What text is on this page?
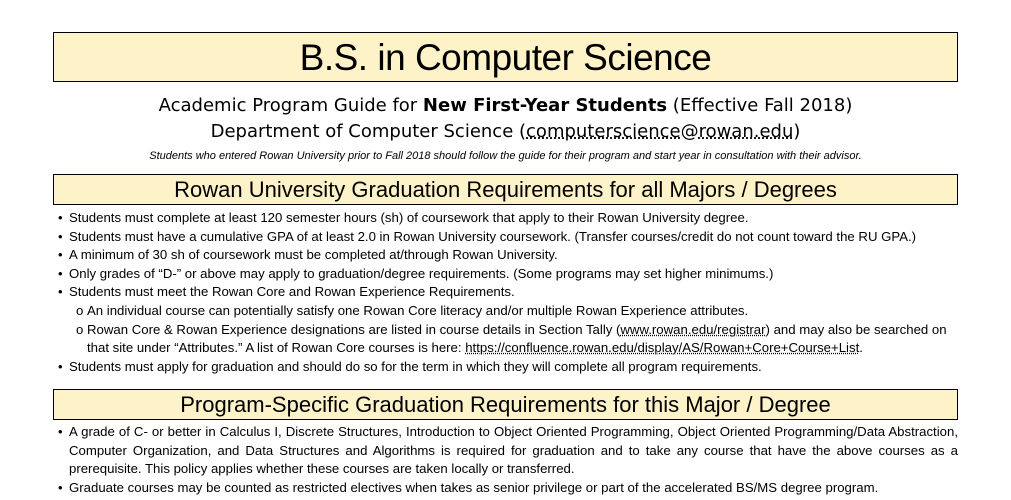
B.S. in Computer Science
Academic Program Guide for New First-Year Students (Effective Fall 2018)
Department of Computer Science (computerscience@rowan.edu)
Students who entered Rowan University prior to Fall 2018 should follow the guide for their program and start year in consultation with their advisor.
Rowan University Graduation Requirements for all Majors / Degrees
• Students must complete at least 120 semester hours (sh) of coursework that apply to their Rowan University degree.
• Students must have a cumulative GPA of at least 2.0 in Rowan University coursework. (Transfer courses/credit do not count toward the RU GPA.)
• A minimum of 30 sh of coursework must be completed at/through Rowan University.
• Only grades of “D-” or above may apply to graduation/degree requirements. (Some programs may set higher minimums.)
• Students must meet the Rowan Core and Rowan Experience Requirements.
o An individual course can potentially satisfy one Rowan Core literacy and/or multiple Rowan Experience attributes.
o Rowan Core & Rowan Experience designations are listed in course details in Section Tally (www.rowan.edu/registrar) and may also be searched on that site under “Attributes.” A list of Rowan Core courses is here: https://confluence.rowan.edu/display/AS/Rowan+Core+Course+List.
• Students must apply for graduation and should do so for the term in which they will complete all program requirements.
Program-Specific Graduation Requirements for this Major / Degree
• A grade of C- or better in Calculus I, Discrete Structures, Introduction to Object Oriented Programming, Object Oriented Programming/Data Abstraction, Computer Organization, and Data Structures and Algorithms is required for graduation and to take any course that have the above courses as a prerequisite. This policy applies whether these courses are taken locally or transferred.
• Graduate courses may be counted as restricted electives when takes as senior privilege or part of the accelerated BS/MS degree program.
